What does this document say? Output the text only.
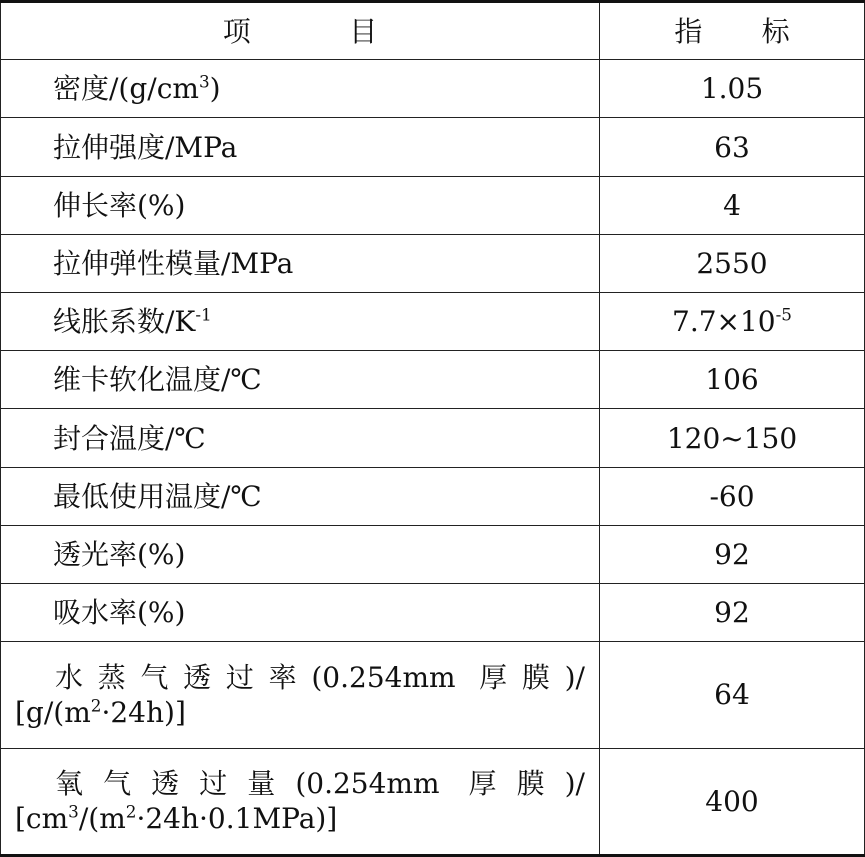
项 目	指 标
密度$/(g/cm^3)$	1.05
拉伸强度/MPa	63
伸长率(%)	4
拉伸弹性模量/MPa	2550
线胀系数$/K^{-1}$	$7.7\times 10^{-5}$
维卡软化温度/℃	106
封合温度/℃	120~150
最低使用温度/℃	-60
透光率(%)	92
吸水率(%)	92

水蒸气透过率(0.254mm 厚膜)/
$[g/(m^2\cdot 24h)]$	64

氧气透过量(0.254mm 厚膜)/
$[cm^3/(m^2\cdot 24h\cdot 0.1MPa)]$	400
